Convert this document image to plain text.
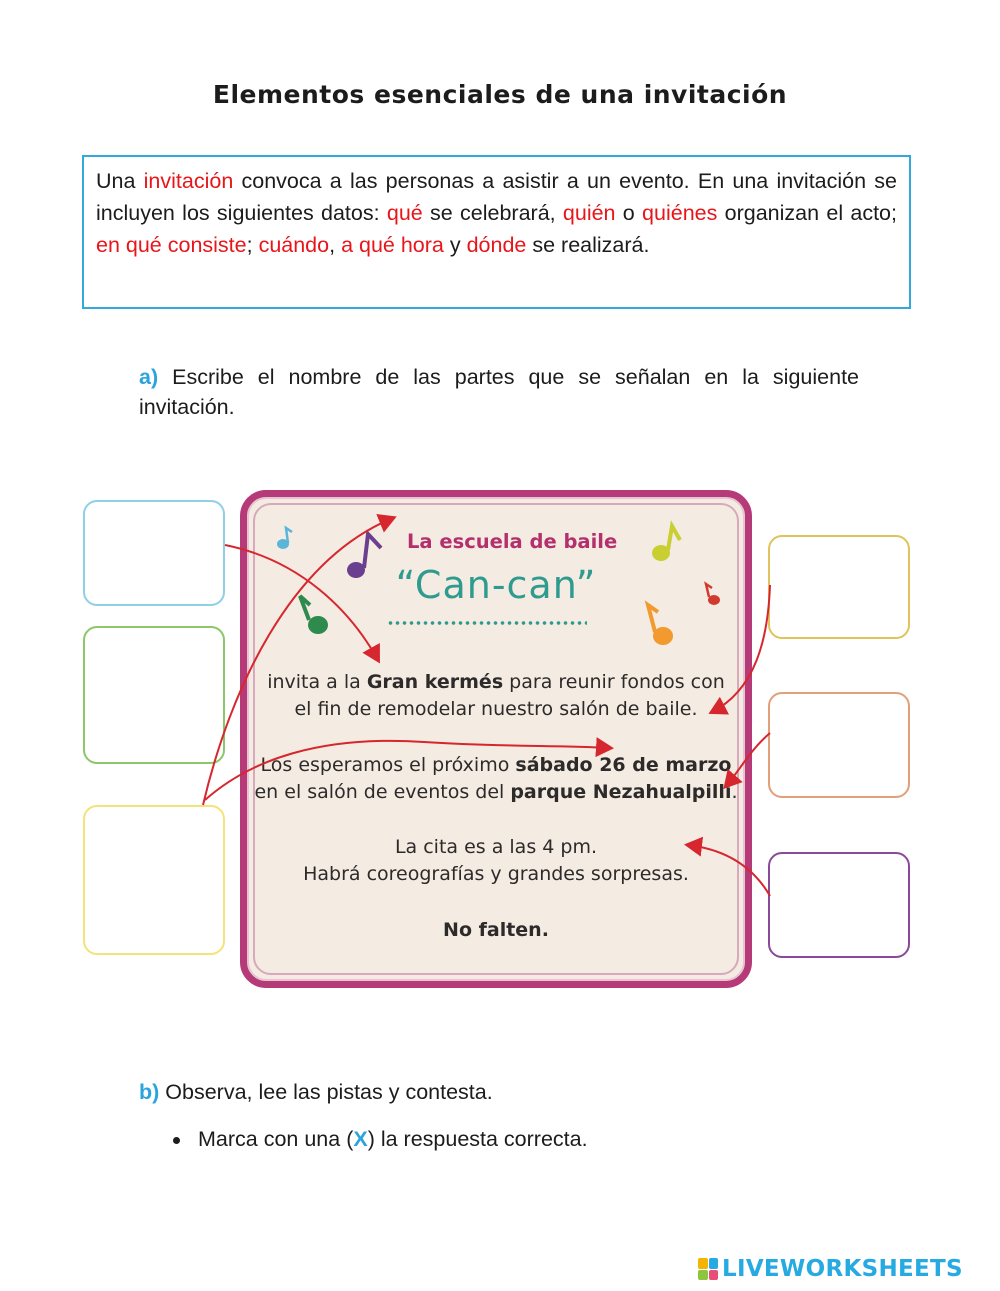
Elementos esenciales de una invitación
Una invitación convoca a las personas a asistir a un evento. En una invitación se incluyen los siguientes datos: qué se celebrará, quién o quiénes organizan el acto; en qué consiste; cuándo, a qué hora y dónde se realizará.
a) Escribe el nombre de las partes que se señalan en la siguiente invitación.
La escuela de baile
“Can-can”
invita a la Gran kermés para reunir fondos con
el fin de remodelar nuestro salón de baile.
Los esperamos el próximo sábado 26 de marzo
en el salón de eventos del parque Nezahualpilli.
La cita es a las 4 pm.
Habrá coreografías y grandes sorpresas.
No falten.
b) Observa, lee las pistas y contesta.
Marca con una (X) la respuesta correcta.
LIVEWORKSHEETS
